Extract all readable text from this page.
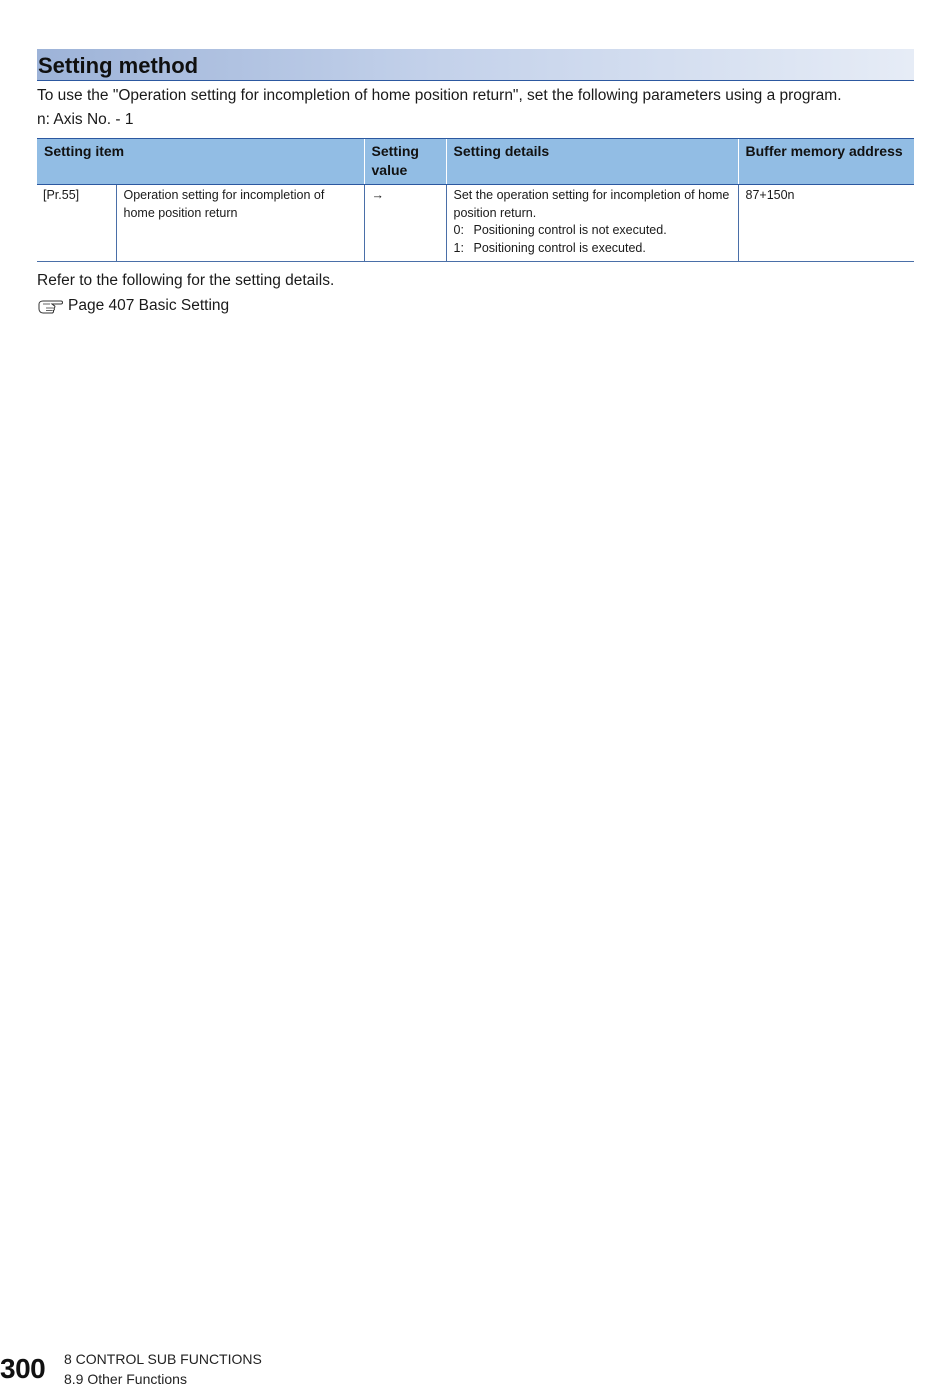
Setting method
To use the "Operation setting for incompletion of home position return", set the following parameters using a program.
n: Axis No. - 1
Setting item		Setting value	Setting details	Buffer memory address
[Pr.55]	Operation setting for incompletion of home position return	→	Set the operation setting for incompletion of home position return.
0: Positioning control is not executed.
1: Positioning control is executed.	87+150n
Refer to the following for the setting details.
Page 407 Basic Setting
300 8 CONTROL SUB FUNCTIONS
8.9 Other Functions
